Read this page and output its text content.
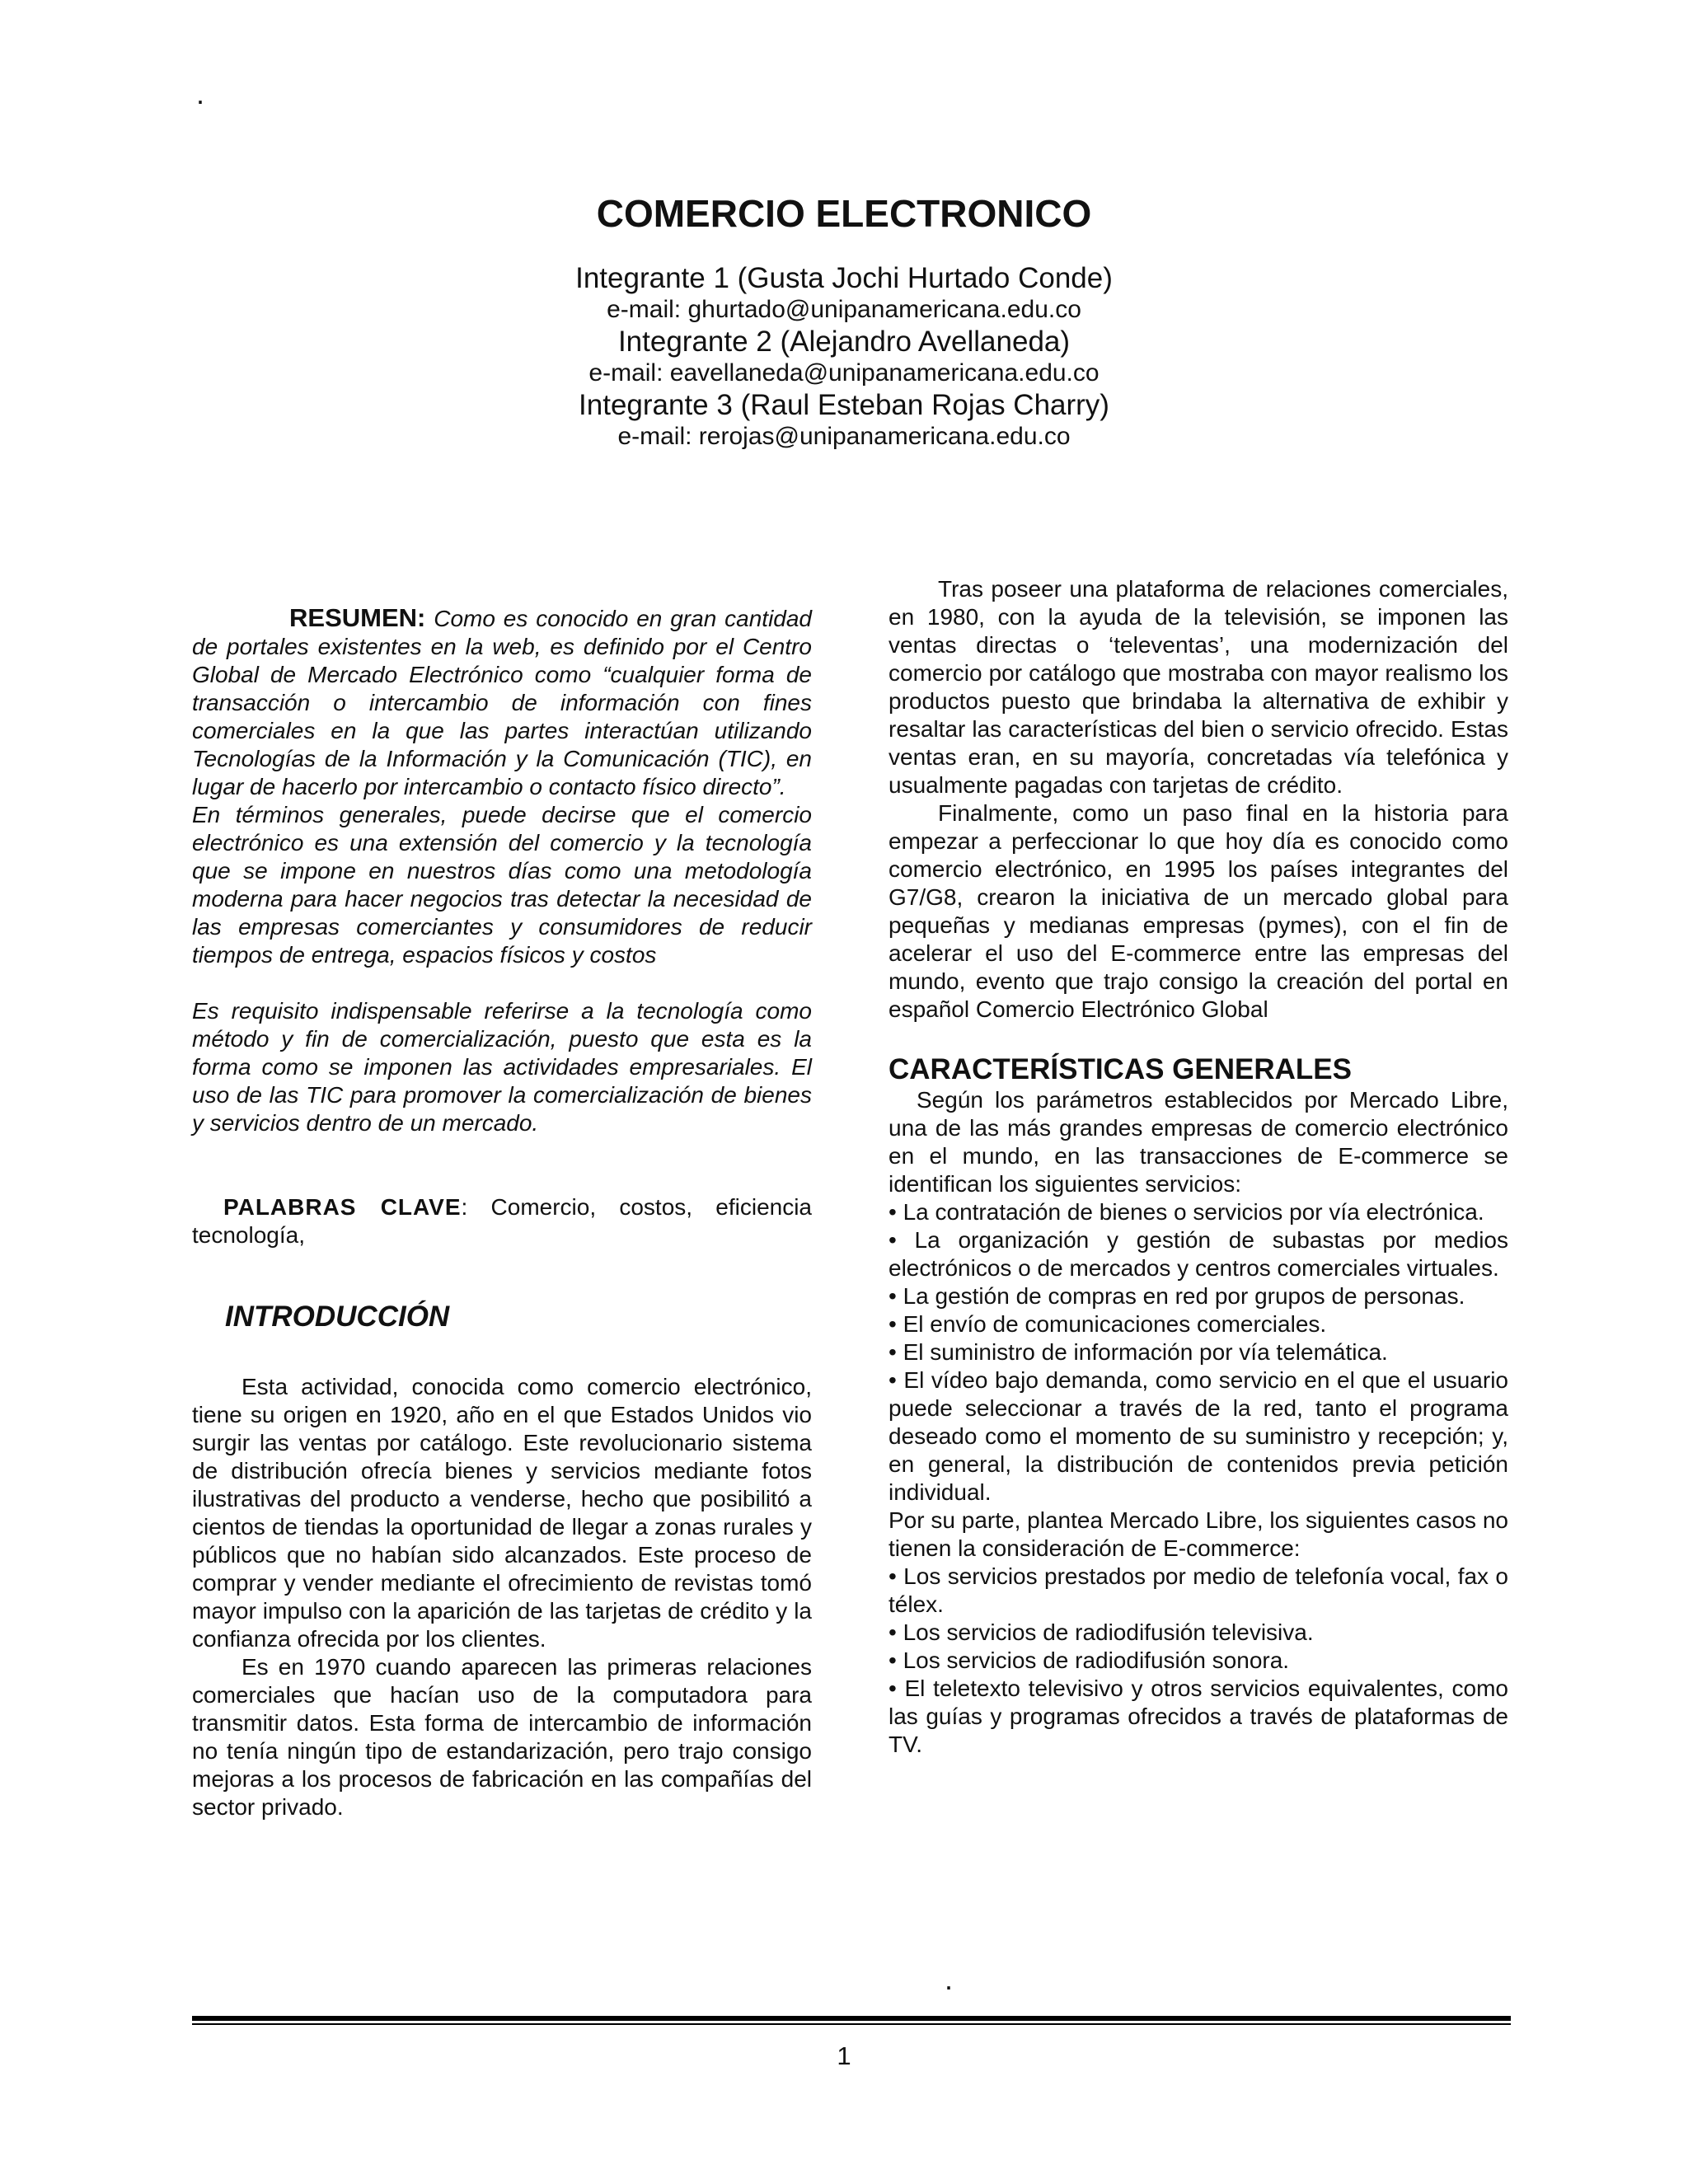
.
COMERCIO ELECTRONICO
Integrante 1 (Gusta Jochi Hurtado Conde)
e-mail: ghurtado@unipanamericana.edu.co
Integrante 2 (Alejandro Avellaneda)
e-mail: eavellaneda@unipanamericana.edu.co
Integrante 3 (Raul Esteban Rojas Charry)
e-mail: rerojas@unipanamericana.edu.co

RESUMEN: Como es conocido en gran cantidad de portales existentes en la web, es definido por el Centro Global de Mercado Electrónico como “cualquier forma de transacción o intercambio de información con fines comerciales en la que las partes interactúan utilizando Tecnologías de la Información y la Comunicación (TIC), en lugar de hacerlo por intercambio o contacto físico directo”.

En términos generales, puede decirse que el comercio electrónico es una extensión del comercio y la tecnología que se impone en nuestros días como una metodología moderna para hacer negocios tras detectar la necesidad de las empresas comerciantes y consumidores de reducir tiempos de entrega, espacios físicos y costos

Es requisito indispensable referirse a la tecnología como método y fin de comercialización, puesto que esta es la forma como se imponen las actividades empresariales. El uso de las TIC para promover la comercialización de bienes y servicios dentro de un mercado.

PALABRAS CLAVE: Comercio, costos, eficiencia tecnología,

INTRODUCCIÓN

Esta actividad, conocida como comercio electrónico, tiene su origen en 1920, año en el que Estados Unidos vio surgir las ventas por catálogo. Este revolucionario sistema de distribución ofrecía bienes y servicios mediante fotos ilustrativas del producto a venderse, hecho que posibilitó a cientos de tiendas la oportunidad de llegar a zonas rurales y públicos que no habían sido alcanzados. Este proceso de comprar y vender mediante el ofrecimiento de revistas tomó mayor impulso con la aparición de las tarjetas de crédito y la confianza ofrecida por los clientes.

Es en 1970 cuando aparecen las primeras relaciones comerciales que hacían uso de la computadora para transmitir datos. Esta forma de intercambio de información no tenía ningún tipo de estandarización, pero trajo consigo mejoras a los procesos de fabricación en las compañías del sector privado.

Tras poseer una plataforma de relaciones comerciales, en 1980, con la ayuda de la televisión, se imponen las ventas directas o ‘televentas’, una modernización del comercio por catálogo que mostraba con mayor realismo los productos puesto que brindaba la alternativa de exhibir y resaltar las características del bien o servicio ofrecido. Estas ventas eran, en su mayoría, concretadas vía telefónica y usualmente pagadas con tarjetas de crédito.

Finalmente, como un paso final en la historia para empezar a perfeccionar lo que hoy día es conocido como comercio electrónico, en 1995 los países integrantes del G7/G8, crearon la iniciativa de un mercado global para pequeñas y medianas empresas (pymes), con el fin de acelerar el uso del E-commerce entre las empresas del mundo, evento que trajo consigo la creación del portal en español Comercio Electrónico Global

CARACTERÍSTICAS GENERALES

Según los parámetros establecidos por Mercado Libre, una de las más grandes empresas de comercio electrónico en el mundo, en las transacciones de E-commerce se identifican los siguientes servicios:

• La contratación de bienes o servicios por vía electrónica.
• La organización y gestión de subastas por medios electrónicos o de mercados y centros comerciales virtuales.
• La gestión de compras en red por grupos de personas.
• El envío de comunicaciones comerciales.
• El suministro de información por vía telemática.
• El vídeo bajo demanda, como servicio en el que el usuario puede seleccionar a través de la red, tanto el programa deseado como el momento de su suministro y recepción; y, en general, la distribución de contenidos previa petición individual.

Por su parte, plantea Mercado Libre, los siguientes casos no tienen la consideración de E-commerce:

• Los servicios prestados por medio de telefonía vocal, fax o télex.
• Los servicios de radiodifusión televisiva.
• Los servicios de radiodifusión sonora.
• El teletexto televisivo y otros servicios equivalentes, como las guías y programas ofrecidos a través de plataformas de TV.
.
1
